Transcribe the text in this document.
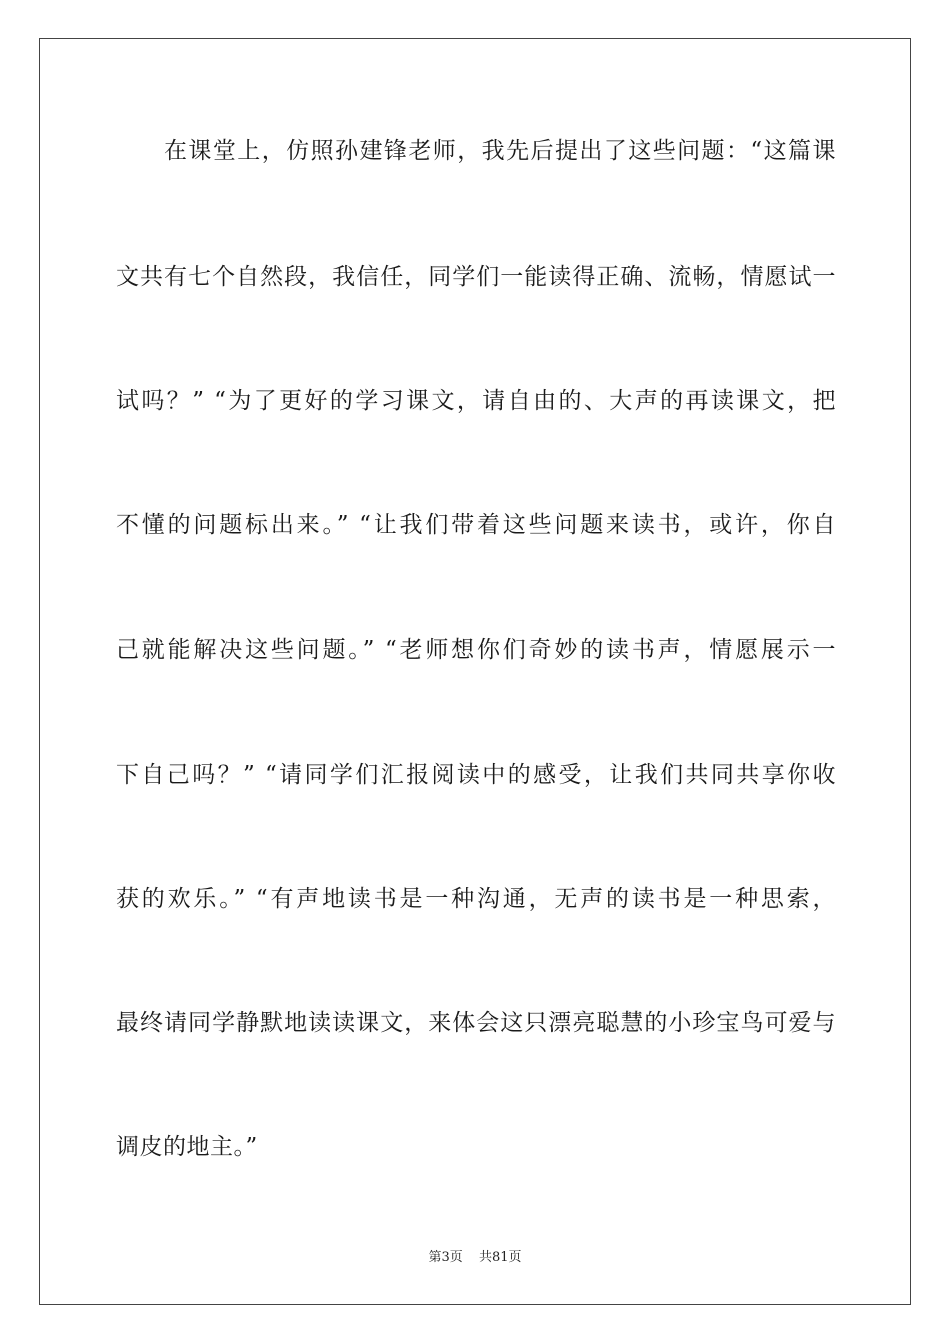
在课堂上，仿照孙建锋老师，我先后提出了这些问题：“这篇课
文共有七个自然段，我信任，同学们一能读得正确、流畅，情愿试一
试吗？” “为了更好的学习课文，请自由的、大声的再读课文，把
不懂的问题标出来。” “让我们带着这些问题来读书，或许，你自
己就能解决这些问题。” “老师想你们奇妙的读书声，情愿展示一
下自己吗？” “请同学们汇报阅读中的感受，让我们共同共享你收
获的欢乐。” “有声地读书是一种沟通，无声的读书是一种思索，
最终请同学静默地读读课文，来体会这只漂亮聪慧的小珍宝鸟可爱与
调皮的地主。”
第3页 共81页
